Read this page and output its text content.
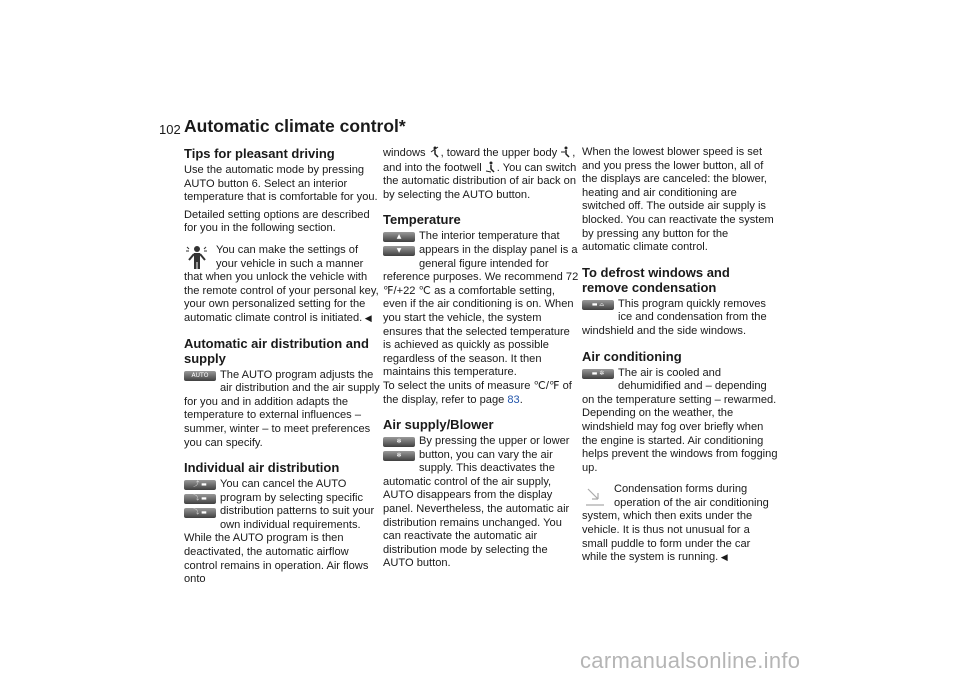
102 Automatic climate control*
Tips for pleasant driving

Use the automatic mode by pressing AUTO button 6. Select an interior temperature that is comfortable for you.

Detailed setting options are described for you in the following section.

You can make the settings of your vehicle in such a manner that when you unlock the vehicle with the remote control of your personal key, your own personalized setting for the automatic climate control is initiated. ◀
Automatic air distribution and supply
AUTO	The AUTO program adjusts the air distribution and the air supply for you and in addition adapts the temperature to external influences – summer, winter – to meet preferences you can specify.
Individual air distribution
⤴ ▬
⤵ ▬
⤵ ▬
You can cancel the AUTO program by selecting specific distribution patterns to suit your own individual requirements. While the AUTO program is then deactivated, the automatic airflow control remains in operation. Air flows onto

windows , toward the upper body , and into the footwell . You can switch the automatic distribution of air back on by selecting the AUTO button.

Temperature
▲
▼
The interior temperature that appears in the display panel is a general figure intended for reference purposes. We recommend 72 ℉/+22 ℃ as a comfortable setting, even if the air conditioning is on. When you start the vehicle, the system ensures that the selected temperature is achieved as quickly as possible regardless of the season. It then maintains this temperature.

To select the units of measure ℃/℉ of the display, refer to page 83.

Air supply/Blower
✻
✻
By pressing the upper or lower button, you can vary the air supply. This deactivates the automatic control of the air supply, AUTO disappears from the display panel. Nevertheless, the automatic air distribution remains unchanged. You can reactivate the automatic air distribution mode by selecting the AUTO button.

When the lowest blower speed is set and you press the lower button, all of the displays are canceled: the blower, heating and air conditioning are switched off. The outside air supply is blocked. You can reactivate the system by pressing any button for the automatic climate control.

To defrost windows and remove condensation
▬ ⌓	This program quickly removes ice and condensation from the windshield and the side windows.
Air conditioning
▬ ✲	The air is cooled and dehumidified and – depending on the temperature setting – rewarmed.

Depending on the weather, the windshield may fog over briefly when the engine is started. Air conditioning helps prevent the windows from fogging up.

Condensation forms during operation of the air conditioning system, which then exits under the vehicle. It is thus not unusual for a small puddle to form under the car while the system is running. ◀
carmanualsonline.info
